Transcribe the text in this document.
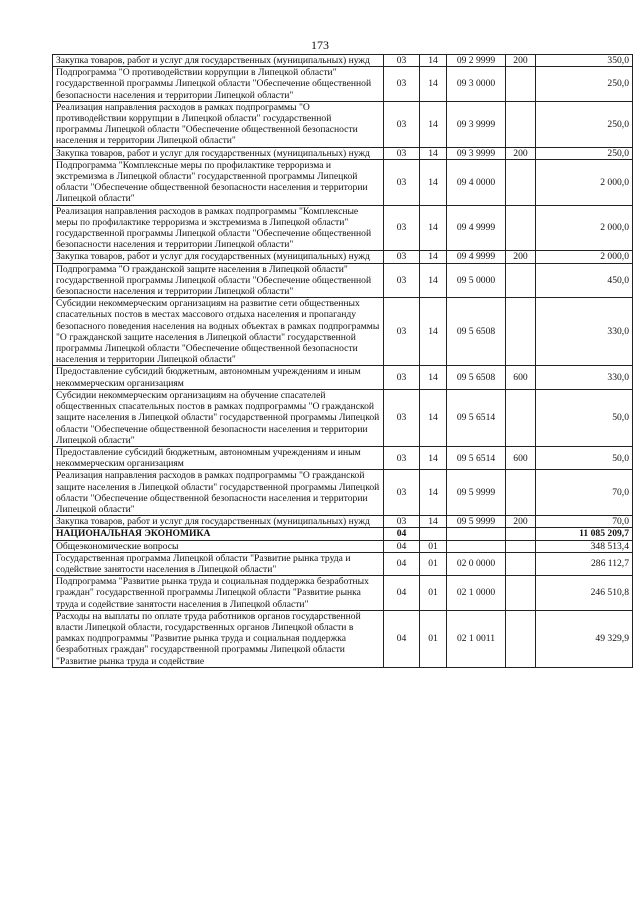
173
Закупка товаров, работ и услуг для государственных (муниципальных) нужд	03	14	09 2 9999	200	350,0
Подпрограмма "О противодействии коррупции в Липецкой области" государственной программы Липецкой области "Обеспечение общественной безопасности населения и территории Липецкой области"	03	14	09 3 0000		250,0
Реализация направления расходов в рамках подпрограммы "О противодействии коррупции в Липецкой области" государственной программы Липецкой области "Обеспечение общественной безопасности населения и территории Липецкой области"	03	14	09 3 9999		250,0
Закупка товаров, работ и услуг для государственных (муниципальных) нужд	03	14	09 3 9999	200	250,0
Подпрограмма "Комплексные меры по профилактике терроризма и экстремизма в Липецкой области" государственной программы Липецкой области "Обеспечение общественной безопасности населения и территории Липецкой области"	03	14	09 4 0000		2 000,0
Реализация направления расходов в рамках подпрограммы "Комплексные меры по профилактике терроризма и экстремизма в Липецкой области" государственной программы Липецкой области "Обеспечение общественной безопасности населения и территории Липецкой области"	03	14	09 4 9999		2 000,0
Закупка товаров, работ и услуг для государственных (муниципальных) нужд	03	14	09 4 9999	200	2 000,0
Подпрограмма "О гражданской защите населения в Липецкой области" государственной программы Липецкой области "Обеспечение общественной безопасности населения и территории Липецкой области"	03	14	09 5 0000		450,0
Субсидии некоммерческим организациям на развитие сети общественных спасательных постов в местах массового отдыха населения и пропаганду безопасного поведения населения на водных объектах в рамках подпрограммы "О гражданской защите населения в Липецкой области" государственной программы Липецкой области "Обеспечение общественной безопасности населения и территории Липецкой области"	03	14	09 5 6508		330,0
Предоставление субсидий бюджетным, автономным учреждениям и иным некоммерческим организациям	03	14	09 5 6508	600	330,0
Субсидии некоммерческим организациям на обучение спасателей общественных спасательных постов в рамках подпрограммы "О гражданской защите населения в Липецкой области" государственной программы Липецкой области "Обеспечение общественной безопасности населения и территории Липецкой области"	03	14	09 5 6514		50,0
Предоставление субсидий бюджетным, автономным учреждениям и иным некоммерческим организациям	03	14	09 5 6514	600	50,0
Реализация направления расходов в рамках подпрограммы "О гражданской защите населения в Липецкой области" государственной программы Липецкой области "Обеспечение общественной безопасности населения и территории Липецкой области"	03	14	09 5 9999		70,0
Закупка товаров, работ и услуг для государственных (муниципальных) нужд	03	14	09 5 9999	200	70,0
НАЦИОНАЛЬНАЯ ЭКОНОМИКА	04				11 085 209,7
Общеэкономические вопросы	04	01			348 513,4
Государственная программа Липецкой области "Развитие рынка труда и содействие занятости населения в Липецкой области"	04	01	02 0 0000		286 112,7
Подпрограмма "Развитие рынка труда и социальная поддержка безработных граждан" государственной программы Липецкой области "Развитие рынка труда и содействие занятости населения в Липецкой области"	04	01	02 1 0000		246 510,8
Расходы на выплаты по оплате труда работников органов государственной власти Липецкой области, государственных органов Липецкой области в рамках подпрограммы "Развитие рынка труда и социальная поддержка безработных граждан" государственной программы Липецкой области "Развитие рынка труда и содействие	04	01	02 1 0011		49 329,9
